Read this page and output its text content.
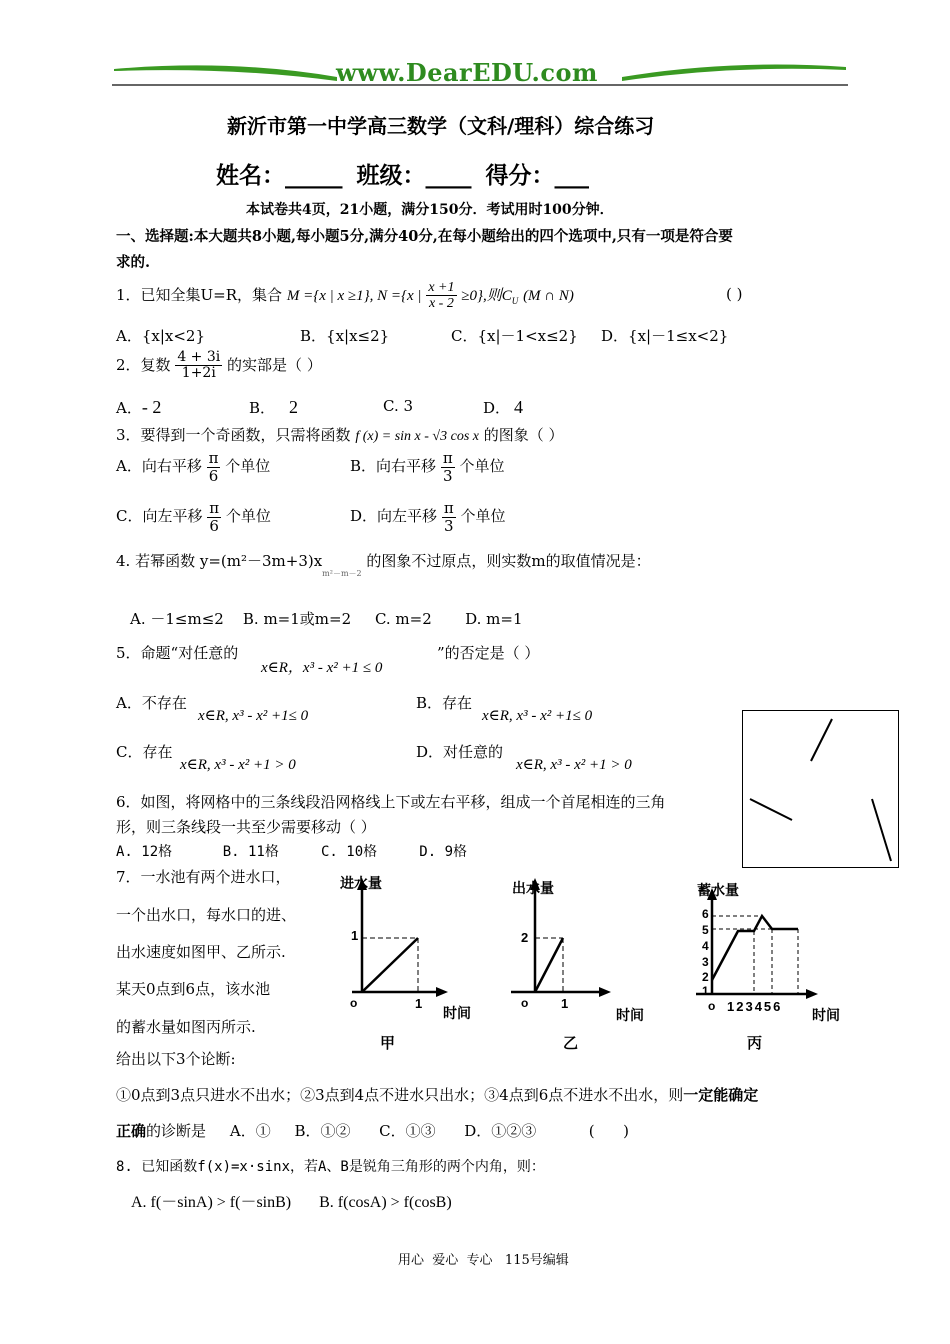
www.DearEDU.com
新沂市第一中学高三数学（文科/理科）综合练习
姓名：_____ 班级：____ 得分：___
本试卷共4页，21小题，满分150分．考试用时100分钟．
一、选择题:本大题共8小题,每小题5分,满分40分,在每小题给出的四个选项中,只有一项是符合要
求的.
1．已知全集U=R，集合 M ={x | x ≥1}, N ={x | $\frac{x +1}{x - 2} \ge 0$},则$C_U$ (M ∩ N)	( )
A．{x|x<2}	B．{x|x≤2}	C．{x|－1<x≤2} D．{x|－1≤x<2}
2．复数 $\frac{4 + 3i}{1+2i}$ 的实部是（ ）
A．- 2	B． 2	C. 3	D． 4
3．要得到一个奇函数，只需将函数 f (x) = sin x - √3 cos x 的图象（ ）
A．向右平移 $\frac{\pi}{6}$ 个单位	B．向右平移 $\frac{\pi}{3}$ 个单位
C．向左平移 $\frac{\pi}{6}$ 个单位	D．向左平移 $\frac{\pi}{3}$ 个单位
4. 若幂函数 $y=(m^2-3m+3)x_{m^2-m-2}$ 的图象不过原点，则实数m的取值情况是：
A. －1≤m≤2    B. m=1或m=2     C. m=2       D. m=1
5．命题“对任意的
x∈R，x³ - x² +1 ≤ 0
”的否定是（ ）
A．不存在
x∈R, x³ - x² +1≤ 0
B．存在
x∈R, x³ - x² +1≤ 0
C．存在
x∈R, x³ - x² +1 > 0
D．对任意的
x∈R, x³ - x² +1 > 0
6．如图，将网格中的三条线段沿网格线上下或左右平移，组成一个首尾相连的三角
形，则三条线段一共至少需要移动（ ）
A. 12格      B. 11格     C. 10格     D. 9格
7．一水池有两个进水口，
一个出水口，每水口的进、
出水速度如图甲、乙所示.
某天0点到6点，该水池
的蓄水量如图丙所示.
给出以下3个论断:
进水量
1
o	1
时间
甲
出水量
2
o	1
时间
乙
蓄水量
6
5
4
3
2
1
o 123456
时间
丙
①0点到3点只进水不出水；②3点到4点不进水只出水；③4点到6点不进水不出水，则一定能确定
正确的诊断是     A．①     B．①②      C．①③      D．①②③           (      )
8. 已知函数f(x)=x·sinx，若A、B是锐角三角形的两个内角，则：
A. f(－sinA) > f(－sinB)       B. f(cosA) > f(cosB)
用心  爱心  专心   115号编辑
